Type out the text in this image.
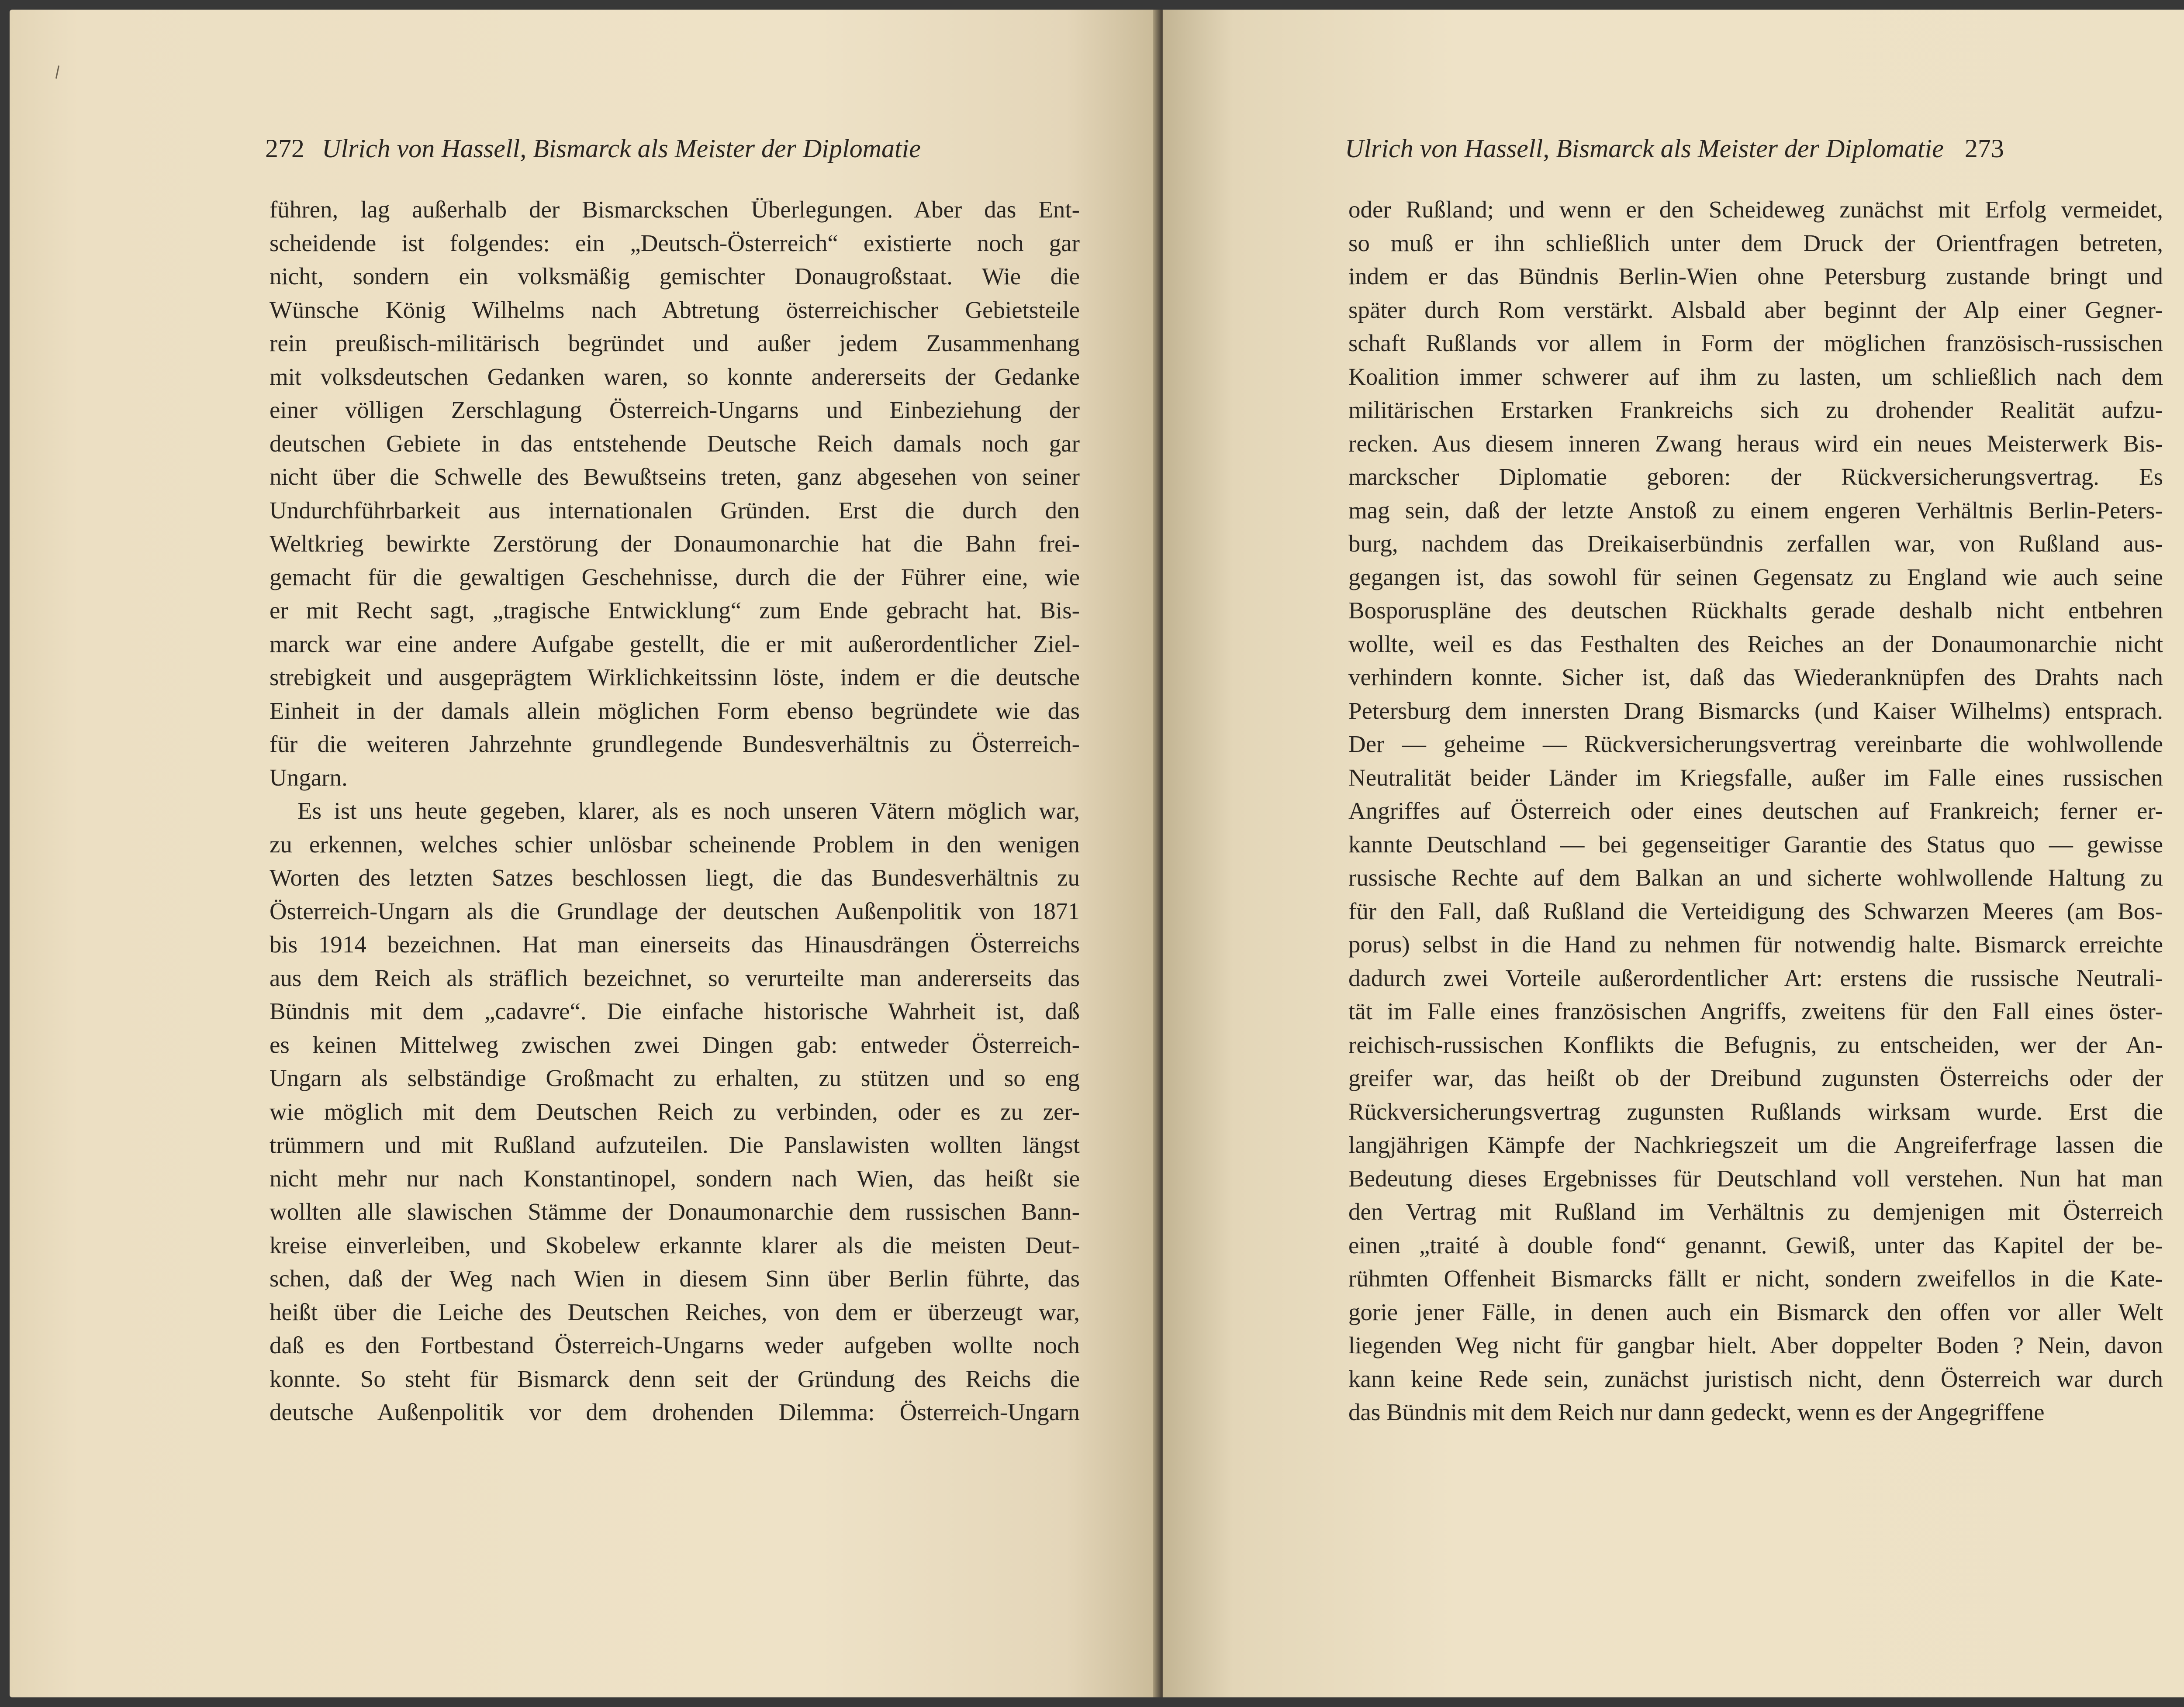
272 Ulrich von Hassell, Bismarck als Meister der Diplomatie
führen, lag außerhalb der Bismarckschen Überlegungen. Aber das Ent-
scheidende ist folgendes: ein „Deutsch-Österreich“ existierte noch gar
nicht, sondern ein volksmäßig gemischter Donaugroßstaat. Wie die
Wünsche König Wilhelms nach Abtretung österreichischer Gebietsteile
rein preußisch-militärisch begründet und außer jedem Zusammenhang
mit volksdeutschen Gedanken waren, so konnte andererseits der Gedanke
einer völligen Zerschlagung Österreich-Ungarns und Einbeziehung der
deutschen Gebiete in das entstehende Deutsche Reich damals noch gar
nicht über die Schwelle des Bewußtseins treten, ganz abgesehen von seiner
Undurchführbarkeit aus internationalen Gründen. Erst die durch den
Weltkrieg bewirkte Zerstörung der Donaumonarchie hat die Bahn frei-
gemacht für die gewaltigen Geschehnisse, durch die der Führer eine, wie
er mit Recht sagt, „tragische Entwicklung“ zum Ende gebracht hat. Bis-
marck war eine andere Aufgabe gestellt, die er mit außerordentlicher Ziel-
strebigkeit und ausgeprägtem Wirklichkeitssinn löste, indem er die deutsche
Einheit in der damals allein möglichen Form ebenso begründete wie das
für die weiteren Jahrzehnte grundlegende Bundesverhältnis zu Österreich-
Ungarn.
Es ist uns heute gegeben, klarer, als es noch unseren Vätern möglich war,
zu erkennen, welches schier unlösbar scheinende Problem in den wenigen
Worten des letzten Satzes beschlossen liegt, die das Bundesverhältnis zu
Österreich-Ungarn als die Grundlage der deutschen Außenpolitik von 1871
bis 1914 bezeichnen. Hat man einerseits das Hinausdrängen Österreichs
aus dem Reich als sträflich bezeichnet, so verurteilte man andererseits das
Bündnis mit dem „cadavre“. Die einfache historische Wahrheit ist, daß
es keinen Mittelweg zwischen zwei Dingen gab: entweder Österreich-
Ungarn als selbständige Großmacht zu erhalten, zu stützen und so eng
wie möglich mit dem Deutschen Reich zu verbinden, oder es zu zer-
trümmern und mit Rußland aufzuteilen. Die Panslawisten wollten längst
nicht mehr nur nach Konstantinopel, sondern nach Wien, das heißt sie
wollten alle slawischen Stämme der Donaumonarchie dem russischen Bann-
kreise einverleiben, und Skobelew erkannte klarer als die meisten Deut-
schen, daß der Weg nach Wien in diesem Sinn über Berlin führte, das
heißt über die Leiche des Deutschen Reiches, von dem er überzeugt war,
daß es den Fortbestand Österreich-Ungarns weder aufgeben wollte noch
konnte. So steht für Bismarck denn seit der Gründung des Reichs die
deutsche Außenpolitik vor dem drohenden Dilemma: Österreich-Ungarn
Ulrich von Hassell, Bismarck als Meister der Diplomatie 273
oder Rußland; und wenn er den Scheideweg zunächst mit Erfolg vermeidet,
so muß er ihn schließlich unter dem Druck der Orientfragen betreten,
indem er das Bündnis Berlin-Wien ohne Petersburg zustande bringt und
später durch Rom verstärkt. Alsbald aber beginnt der Alp einer Gegner-
schaft Rußlands vor allem in Form der möglichen französisch-russischen
Koalition immer schwerer auf ihm zu lasten, um schließlich nach dem
militärischen Erstarken Frankreichs sich zu drohender Realität aufzu-
recken. Aus diesem inneren Zwang heraus wird ein neues Meisterwerk Bis-
marckscher Diplomatie geboren: der Rückversicherungsvertrag. Es
mag sein, daß der letzte Anstoß zu einem engeren Verhältnis Berlin-Peters-
burg, nachdem das Dreikaiserbündnis zerfallen war, von Rußland aus-
gegangen ist, das sowohl für seinen Gegensatz zu England wie auch seine
Bosporuspläne des deutschen Rückhalts gerade deshalb nicht entbehren
wollte, weil es das Festhalten des Reiches an der Donaumonarchie nicht
verhindern konnte. Sicher ist, daß das Wiederanknüpfen des Drahts nach
Petersburg dem innersten Drang Bismarcks (und Kaiser Wilhelms) entsprach.
Der — geheime — Rückversicherungsvertrag vereinbarte die wohlwollende
Neutralität beider Länder im Kriegsfalle, außer im Falle eines russischen
Angriffes auf Österreich oder eines deutschen auf Frankreich; ferner er-
kannte Deutschland — bei gegenseitiger Garantie des Status quo — gewisse
russische Rechte auf dem Balkan an und sicherte wohlwollende Haltung zu
für den Fall, daß Rußland die Verteidigung des Schwarzen Meeres (am Bos-
porus) selbst in die Hand zu nehmen für notwendig halte. Bismarck erreichte
dadurch zwei Vorteile außerordentlicher Art: erstens die russische Neutrali-
tät im Falle eines französischen Angriffs, zweitens für den Fall eines öster-
reichisch-russischen Konflikts die Befugnis, zu entscheiden, wer der An-
greifer war, das heißt ob der Dreibund zugunsten Österreichs oder der
Rückversicherungsvertrag zugunsten Rußlands wirksam wurde. Erst die
langjährigen Kämpfe der Nachkriegszeit um die Angreiferfrage lassen die
Bedeutung dieses Ergebnisses für Deutschland voll verstehen. Nun hat man
den Vertrag mit Rußland im Verhältnis zu demjenigen mit Österreich
einen „traité à double fond“ genannt. Gewiß, unter das Kapitel der be-
rühmten Offenheit Bismarcks fällt er nicht, sondern zweifellos in die Kate-
gorie jener Fälle, in denen auch ein Bismarck den offen vor aller Welt
liegenden Weg nicht für gangbar hielt. Aber doppelter Boden ? Nein, davon
kann keine Rede sein, zunächst juristisch nicht, denn Österreich war durch
das Bündnis mit dem Reich nur dann gedeckt, wenn es der Angegriffene
